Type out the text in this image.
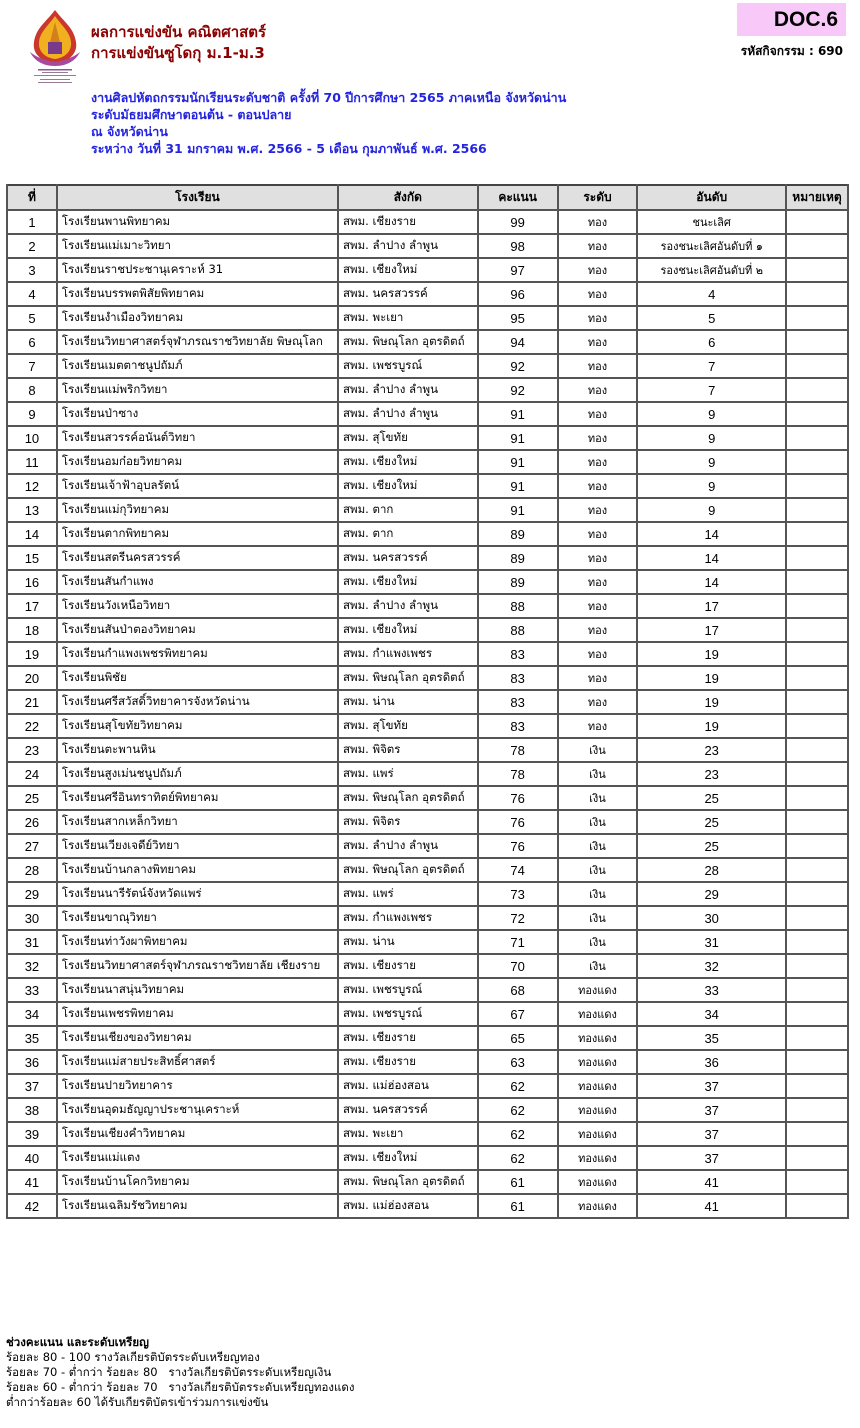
ผลการแข่งขัน คณิตศาสตร์
การแข่งขันซูโดกุ ม.1-ม.3
DOC.6
รหัสกิจกรรม : 690
งานศิลปหัตถกรรมนักเรียนระดับชาติ ครั้งที่ 70 ปีการศึกษา 2565 ภาคเหนือ จังหวัดน่าน
ระดับมัธยมศึกษาตอนต้น - ตอนปลาย
ณ จังหวัดน่าน
ระหว่าง วันที่ 31 มกราคม พ.ศ. 2566 - 5 เดือน กุมภาพันธ์ พ.ศ. 2566
ที่	โรงเรียน	สังกัด	คะแนน	ระดับ	อันดับ	หมายเหตุ
1	โรงเรียนพานพิทยาคม	สพม. เชียงราย	99	ทอง	ชนะเลิศ	
2	โรงเรียนแม่เมาะวิทยา	สพม. ลำปาง ลำพูน	98	ทอง	รองชนะเลิศอันดับที่ ๑	
3	โรงเรียนราชประชานุเคราะห์ 31	สพม. เชียงใหม่	97	ทอง	รองชนะเลิศอันดับที่ ๒	
4	โรงเรียนบรรพตพิสัยพิทยาคม	สพม. นครสวรรค์	96	ทอง	4	
5	โรงเรียนงำเมืองวิทยาคม	สพม. พะเยา	95	ทอง	5	
6	โรงเรียนวิทยาศาสตร์จุฬาภรณราชวิทยาลัย พิษณุโลก	สพม. พิษณุโลก อุตรดิตถ์	94	ทอง	6	
7	โรงเรียนเมตตาชนูปถัมภ์	สพม. เพชรบูรณ์	92	ทอง	7	
8	โรงเรียนแม่พริกวิทยา	สพม. ลำปาง ลำพูน	92	ทอง	7	
9	โรงเรียนป่าซาง	สพม. ลำปาง ลำพูน	91	ทอง	9	
10	โรงเรียนสวรรค์อนันต์วิทยา	สพม. สุโขทัย	91	ทอง	9	
11	โรงเรียนอมก๋อยวิทยาคม	สพม. เชียงใหม่	91	ทอง	9	
12	โรงเรียนเจ้าฟ้าอุบลรัตน์	สพม. เชียงใหม่	91	ทอง	9	
13	โรงเรียนแม่กุวิทยาคม	สพม. ตาก	91	ทอง	9	
14	โรงเรียนตากพิทยาคม	สพม. ตาก	89	ทอง	14	
15	โรงเรียนสตรีนครสวรรค์	สพม. นครสวรรค์	89	ทอง	14	
16	โรงเรียนสันกำแพง	สพม. เชียงใหม่	89	ทอง	14	
17	โรงเรียนวังเหนือวิทยา	สพม. ลำปาง ลำพูน	88	ทอง	17	
18	โรงเรียนสันป่าตองวิทยาคม	สพม. เชียงใหม่	88	ทอง	17	
19	โรงเรียนกำแพงเพชรพิทยาคม	สพม. กำแพงเพชร	83	ทอง	19	
20	โรงเรียนพิชัย	สพม. พิษณุโลก อุตรดิตถ์	83	ทอง	19	
21	โรงเรียนศรีสวัสดิ์วิทยาคารจังหวัดน่าน	สพม. น่าน	83	ทอง	19	
22	โรงเรียนสุโขทัยวิทยาคม	สพม. สุโขทัย	83	ทอง	19	
23	โรงเรียนตะพานหิน	สพม. พิจิตร	78	เงิน	23	
24	โรงเรียนสูงเม่นชนูปถัมภ์	สพม. แพร่	78	เงิน	23	
25	โรงเรียนศรีอินทราทิตย์พิทยาคม	สพม. พิษณุโลก อุตรดิตถ์	76	เงิน	25	
26	โรงเรียนสากเหล็กวิทยา	สพม. พิจิตร	76	เงิน	25	
27	โรงเรียนเวียงเจดีย์วิทยา	สพม. ลำปาง ลำพูน	76	เงิน	25	
28	โรงเรียนบ้านกลางพิทยาคม	สพม. พิษณุโลก อุตรดิตถ์	74	เงิน	28	
29	โรงเรียนนารีรัตน์จังหวัดแพร่	สพม. แพร่	73	เงิน	29	
30	โรงเรียนขาณุวิทยา	สพม. กำแพงเพชร	72	เงิน	30	
31	โรงเรียนท่าวังผาพิทยาคม	สพม. น่าน	71	เงิน	31	
32	โรงเรียนวิทยาศาสตร์จุฬาภรณราชวิทยาลัย เชียงราย	สพม. เชียงราย	70	เงิน	32	
33	โรงเรียนนาสนุ่นวิทยาคม	สพม. เพชรบูรณ์	68	ทองแดง	33	
34	โรงเรียนเพชรพิทยาคม	สพม. เพชรบูรณ์	67	ทองแดง	34	
35	โรงเรียนเชียงของวิทยาคม	สพม. เชียงราย	65	ทองแดง	35	
36	โรงเรียนแม่สายประสิทธิ์ศาสตร์	สพม. เชียงราย	63	ทองแดง	36	
37	โรงเรียนปายวิทยาคาร	สพม. แม่ฮ่องสอน	62	ทองแดง	37	
38	โรงเรียนอุดมธัญญาประชานุเคราะห์	สพม. นครสวรรค์	62	ทองแดง	37	
39	โรงเรียนเชียงคำวิทยาคม	สพม. พะเยา	62	ทองแดง	37	
40	โรงเรียนแม่แตง	สพม. เชียงใหม่	62	ทองแดง	37	
41	โรงเรียนบ้านโคกวิทยาคม	สพม. พิษณุโลก อุตรดิตถ์	61	ทองแดง	41	
42	โรงเรียนเฉลิมรัชวิทยาคม	สพม. แม่ฮ่องสอน	61	ทองแดง	41	
ช่วงคะแนน และระดับเหรียญ
ร้อยละ 80 - 100 รางวัลเกียรติบัตรระดับเหรียญทอง
ร้อยละ 70 - ต่ำกว่า ร้อยละ 80   รางวัลเกียรติบัตรระดับเหรียญเงิน
ร้อยละ 60 - ต่ำกว่า ร้อยละ 70   รางวัลเกียรติบัตรระดับเหรียญทองแดง
ต่ำกว่าร้อยละ 60 ได้รับเกียรติบัตรเข้าร่วมการแข่งขัน
